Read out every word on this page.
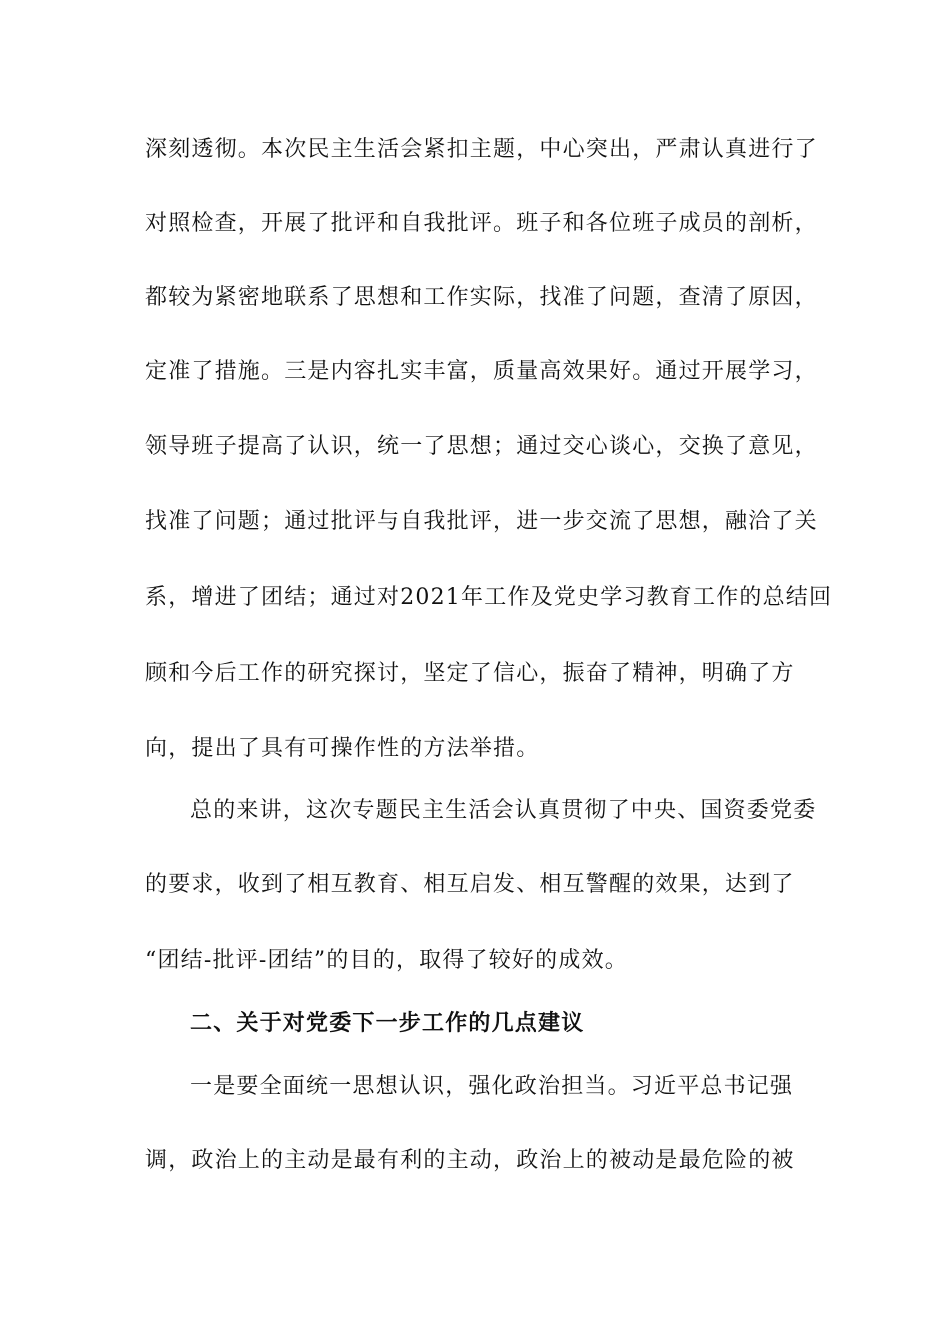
深刻透彻。本次民主生活会紧扣主题，中心突出，严肃认真进行了
对照检查，开展了批评和自我批评。班子和各位班子成员的剖析，
都较为紧密地联系了思想和工作实际，找准了问题，查清了原因，
定准了措施。三是内容扎实丰富，质量高效果好。通过开展学习，
领导班子提高了认识，统一了思想；通过交心谈心，交换了意见，
找准了问题；通过批评与自我批评，进一步交流了思想，融洽了关
系，增进了团结；通过对2021年工作及党史学习教育工作的总结回
顾和今后工作的研究探讨，坚定了信心，振奋了精神，明确了方
向，提出了具有可操作性的方法举措。
总的来讲，这次专题民主生活会认真贯彻了中央、国资委党委
的要求，收到了相互教育、相互启发、相互警醒的效果，达到了
“团结-批评-团结”的目的，取得了较好的成效。
二、关于对党委下一步工作的几点建议
一是要全面统一思想认识，强化政治担当。习近平总书记强
调，政治上的主动是最有利的主动，政治上的被动是最危险的被
